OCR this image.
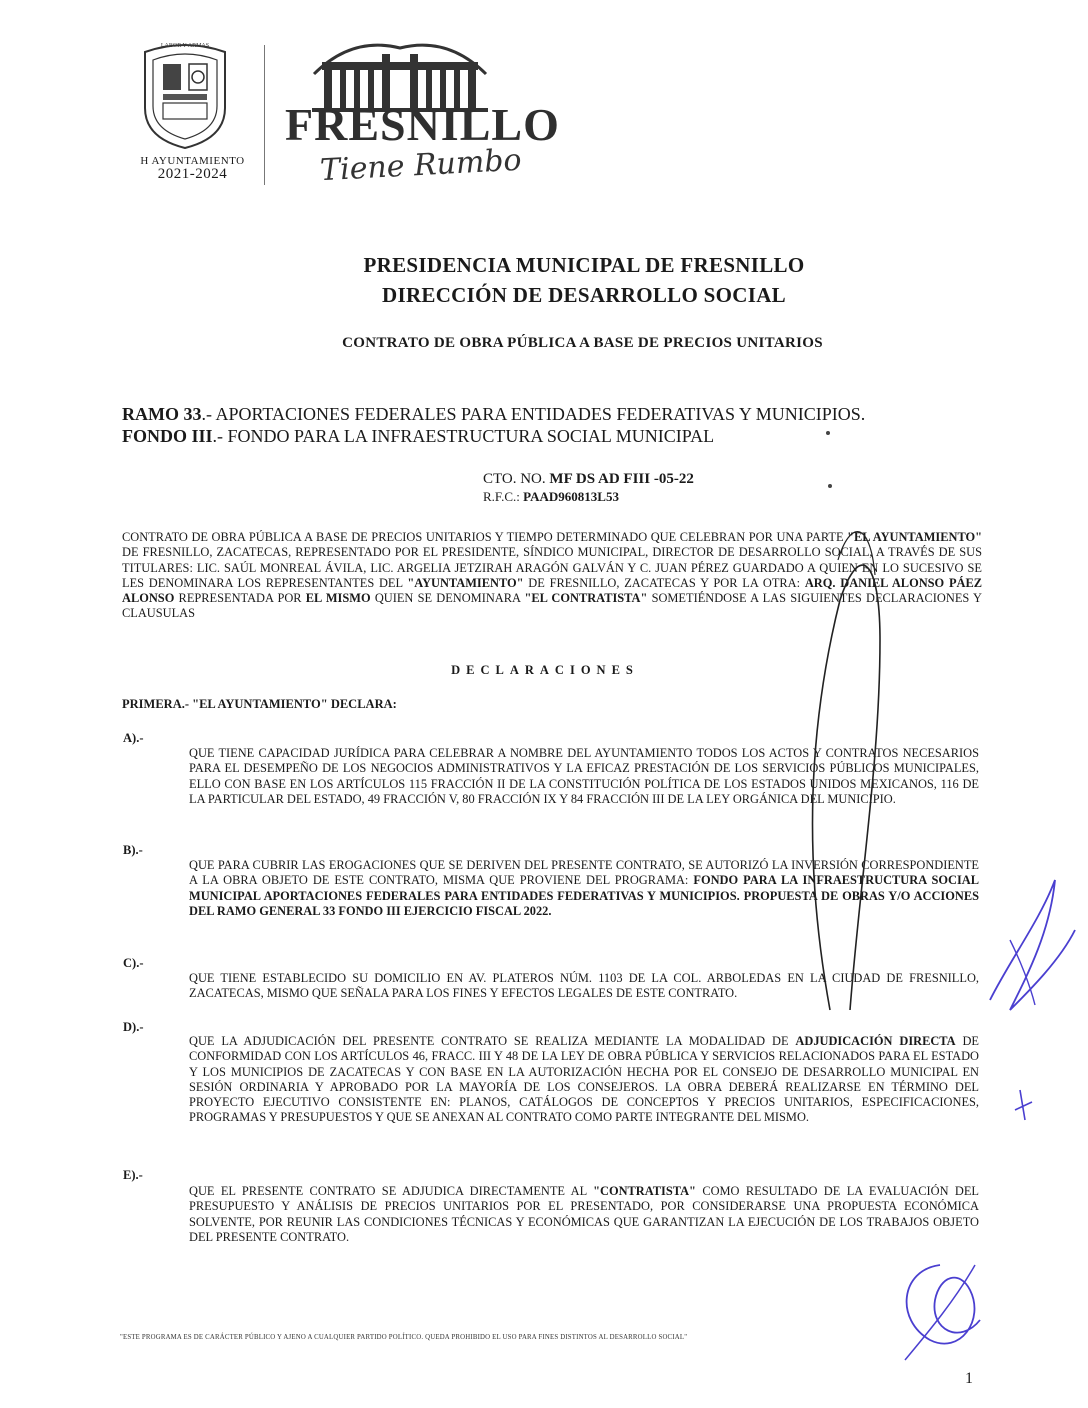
LABOR Y ARMAS
H AYUNTAMIENTO
2021-2024
FRESNILLO
Tiene Rumbo
PRESIDENCIA MUNICIPAL DE FRESNILLO
DIRECCIÓN DE DESARROLLO SOCIAL
CONTRATO DE OBRA PÚBLICA A BASE DE PRECIOS UNITARIOS
RAMO 33.- APORTACIONES FEDERALES PARA ENTIDADES FEDERATIVAS Y MUNICIPIOS.
FONDO III.- FONDO PARA LA INFRAESTRUCTURA SOCIAL MUNICIPAL
CTO. NO. MF DS AD FIII -05-22
R.F.C.: PAAD960813L53
CONTRATO DE OBRA PÚBLICA A BASE DE PRECIOS UNITARIOS Y TIEMPO DETERMINADO QUE CELEBRAN POR UNA PARTE "EL AYUNTAMIENTO" DE FRESNILLO, ZACATECAS, REPRESENTADO POR EL PRESIDENTE, SÍNDICO MUNICIPAL, DIRECTOR DE DESARROLLO SOCIAL, A TRAVÉS DE SUS TITULARES: LIC. SAÚL MONREAL ÁVILA, LIC. ARGELIA JETZIRAH ARAGÓN GALVÁN Y C. JUAN PÉREZ GUARDADO A QUIEN EN LO SUCESIVO SE LES DENOMINARA LOS REPRESENTANTES DEL "AYUNTAMIENTO" DE FRESNILLO, ZACATECAS Y POR LA OTRA: ARQ. DANIEL ALONSO PÁEZ ALONSO REPRESENTADA POR EL MISMO QUIEN SE DENOMINARA "EL CONTRATISTA" SOMETIÉNDOSE A LAS SIGUIENTES DECLARACIONES Y CLAUSULAS
DECLARACIONES
PRIMERA.- "EL AYUNTAMIENTO" DECLARA:
A).-
QUE TIENE CAPACIDAD JURÍDICA PARA CELEBRAR A NOMBRE DEL AYUNTAMIENTO TODOS LOS ACTOS Y CONTRATOS NECESARIOS PARA EL DESEMPEÑO DE LOS NEGOCIOS ADMINISTRATIVOS Y LA EFICAZ PRESTACIÓN DE LOS SERVICIOS PÚBLICOS MUNICIPALES, ELLO CON BASE EN LOS ARTÍCULOS 115 FRACCIÓN II DE LA CONSTITUCIÓN POLÍTICA DE LOS ESTADOS UNIDOS MEXICANOS, 116 DE LA PARTICULAR DEL ESTADO, 49 FRACCIÓN V, 80 FRACCIÓN IX Y 84 FRACCIÓN III DE LA LEY ORGÁNICA DEL MUNICIPIO.
B).-
QUE PARA CUBRIR LAS EROGACIONES QUE SE DERIVEN DEL PRESENTE CONTRATO, SE AUTORIZÓ LA INVERSIÓN CORRESPONDIENTE A LA OBRA OBJETO DE ESTE CONTRATO, MISMA QUE PROVIENE DEL PROGRAMA: FONDO PARA LA INFRAESTRUCTURA SOCIAL MUNICIPAL APORTACIONES FEDERALES PARA ENTIDADES FEDERATIVAS Y MUNICIPIOS. PROPUESTA DE OBRAS Y/O ACCIONES DEL RAMO GENERAL 33 FONDO III EJERCICIO FISCAL 2022.
C).-
QUE TIENE ESTABLECIDO SU DOMICILIO EN AV. PLATEROS NÚM. 1103 DE LA COL. ARBOLEDAS EN LA CIUDAD DE FRESNILLO, ZACATECAS, MISMO QUE SEÑALA PARA LOS FINES Y EFECTOS LEGALES DE ESTE CONTRATO.
D).-
QUE LA ADJUDICACIÓN DEL PRESENTE CONTRATO SE REALIZA MEDIANTE LA MODALIDAD DE ADJUDICACIÓN DIRECTA DE CONFORMIDAD CON LOS ARTÍCULOS 46, FRACC. III Y 48 DE LA LEY DE OBRA PÚBLICA Y SERVICIOS RELACIONADOS PARA EL ESTADO Y LOS MUNICIPIOS DE ZACATECAS Y CON BASE EN LA AUTORIZACIÓN HECHA POR EL CONSEJO DE DESARROLLO MUNICIPAL EN SESIÓN ORDINARIA Y APROBADO POR LA MAYORÍA DE LOS CONSEJEROS. LA OBRA DEBERÁ REALIZARSE EN TÉRMINO DEL PROYECTO EJECUTIVO CONSISTENTE EN: PLANOS, CATÁLOGOS DE CONCEPTOS Y PRECIOS UNITARIOS, ESPECIFICACIONES, PROGRAMAS Y PRESUPUESTOS Y QUE SE ANEXAN AL CONTRATO COMO PARTE INTEGRANTE DEL MISMO.
E).-
QUE EL PRESENTE CONTRATO SE ADJUDICA DIRECTAMENTE AL "CONTRATISTA" COMO RESULTADO DE LA EVALUACIÓN DEL PRESUPUESTO Y ANÁLISIS DE PRECIOS UNITARIOS POR EL PRESENTADO, POR CONSIDERARSE UNA PROPUESTA ECONÓMICA SOLVENTE, POR REUNIR LAS CONDICIONES TÉCNICAS Y ECONÓMICAS QUE GARANTIZAN LA EJECUCIÓN DE LOS TRABAJOS OBJETO DEL PRESENTE CONTRATO.
"ESTE PROGRAMA ES DE CARÁCTER PÚBLICO Y AJENO A CUALQUIER PARTIDO POLÍTICO. QUEDA PROHIBIDO EL USO PARA FINES DISTINTOS AL DESARROLLO SOCIAL"
1
